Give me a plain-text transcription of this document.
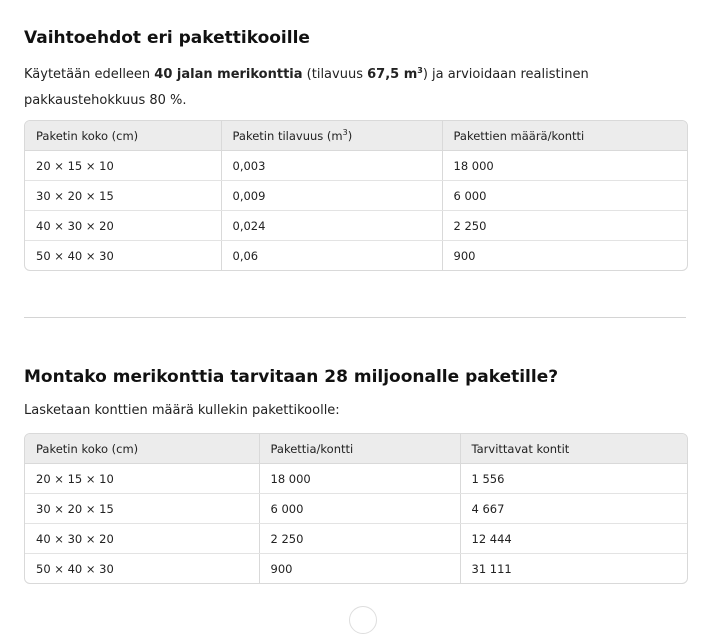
Vaihtoehdot eri pakettikooille

Käytetään edelleen 40 jalan merikonttia (tilavuus 67,5 $m^3$) ja arvioidaan realistinen pakkaustehokkuus 80 %.

Paketin koko (cm)	Paketin tilavuus $(m^3)$	Pakettien määrä/kontti
20 × 15 × 10	0,003	18 000
30 × 20 × 15	0,009	6 000
40 × 30 × 20	0,024	2 250
50 × 40 × 30	0,06	900
Montako merikonttia tarvitaan 28 miljoonalle paketille?

Lasketaan konttien määrä kullekin pakettikoolle:

Paketin koko (cm)	Pakettia/kontti	Tarvittavat kontit
20 × 15 × 10	18 000	1 556
30 × 20 × 15	6 000	4 667
40 × 30 × 20	2 250	12 444
50 × 40 × 30	900	31 111
